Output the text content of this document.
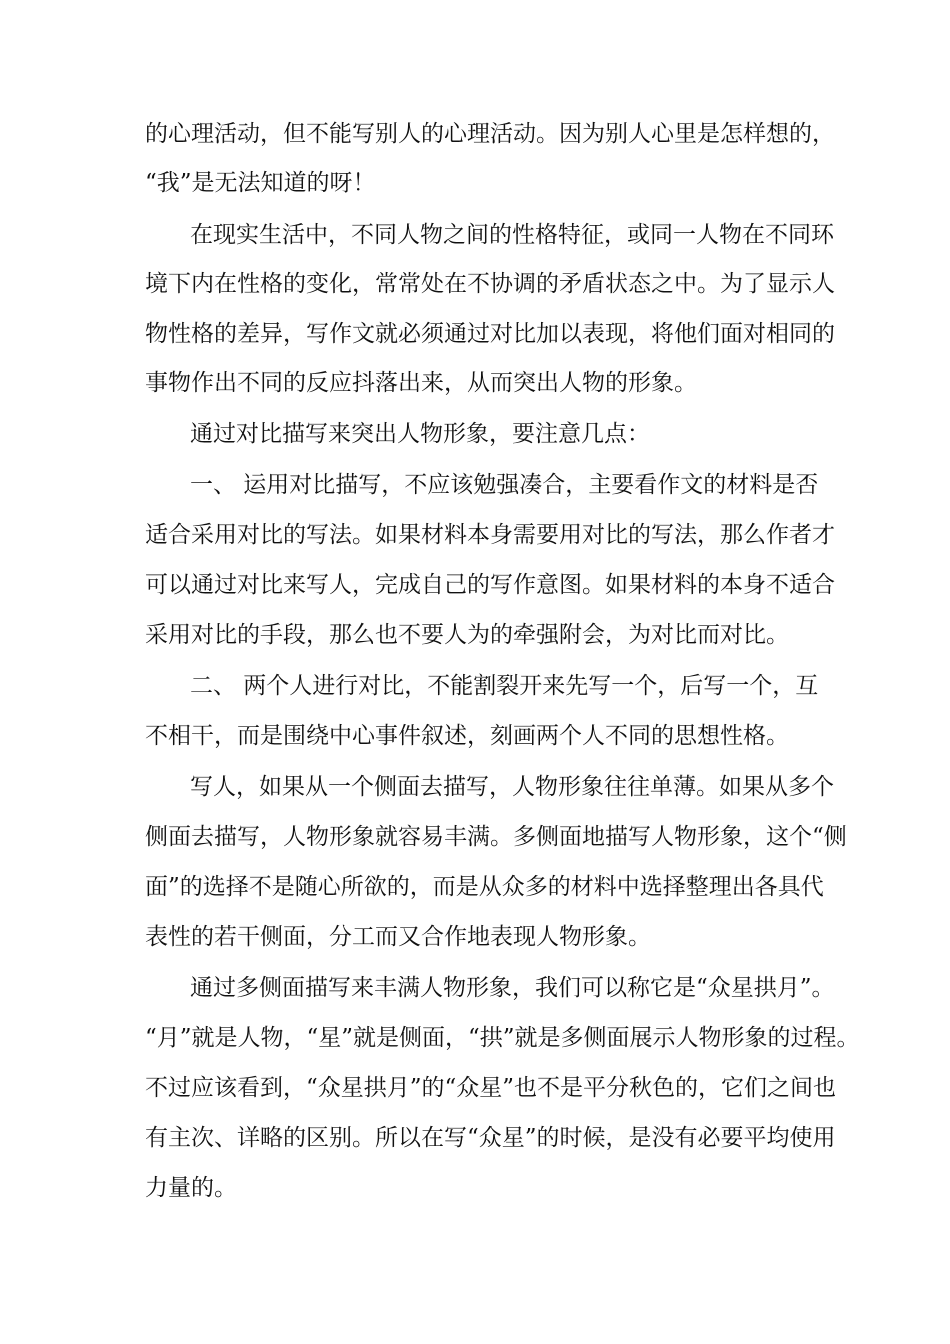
的心理活动，但不能写别人的心理活动。因为别人心里是怎样想的，
“我”是无法知道的呀！
在现实生活中，不同人物之间的性格特征，或同一人物在不同环
境下内在性格的变化，常常处在不协调的矛盾状态之中。为了显示人
物性格的差异，写作文就必须通过对比加以表现，将他们面对相同的
事物作出不同的反应抖落出来，从而突出人物的形象。
通过对比描写来突出人物形象，要注意几点：
一、 运用对比描写，不应该勉强凑合，主要看作文的材料是否
适合采用对比的写法。如果材料本身需要用对比的写法，那么作者才
可以通过对比来写人，完成自己的写作意图。如果材料的本身不适合
采用对比的手段，那么也不要人为的牵强附会，为对比而对比。
二、 两个人进行对比，不能割裂开来先写一个，后写一个，互
不相干，而是围绕中心事件叙述，刻画两个人不同的思想性格。
写人，如果从一个侧面去描写，人物形象往往单薄。如果从多个
侧面去描写，人物形象就容易丰满。多侧面地描写人物形象，这个“侧
面”的选择不是随心所欲的，而是从众多的材料中选择整理出各具代
表性的若干侧面，分工而又合作地表现人物形象。
通过多侧面描写来丰满人物形象，我们可以称它是“众星拱月”。
“月”就是人物，“星”就是侧面，“拱”就是多侧面展示人物形象的过程。
不过应该看到，“众星拱月”的“众星”也不是平分秋色的，它们之间也
有主次、详略的区别。所以在写“众星”的时候，是没有必要平均使用
力量的。
